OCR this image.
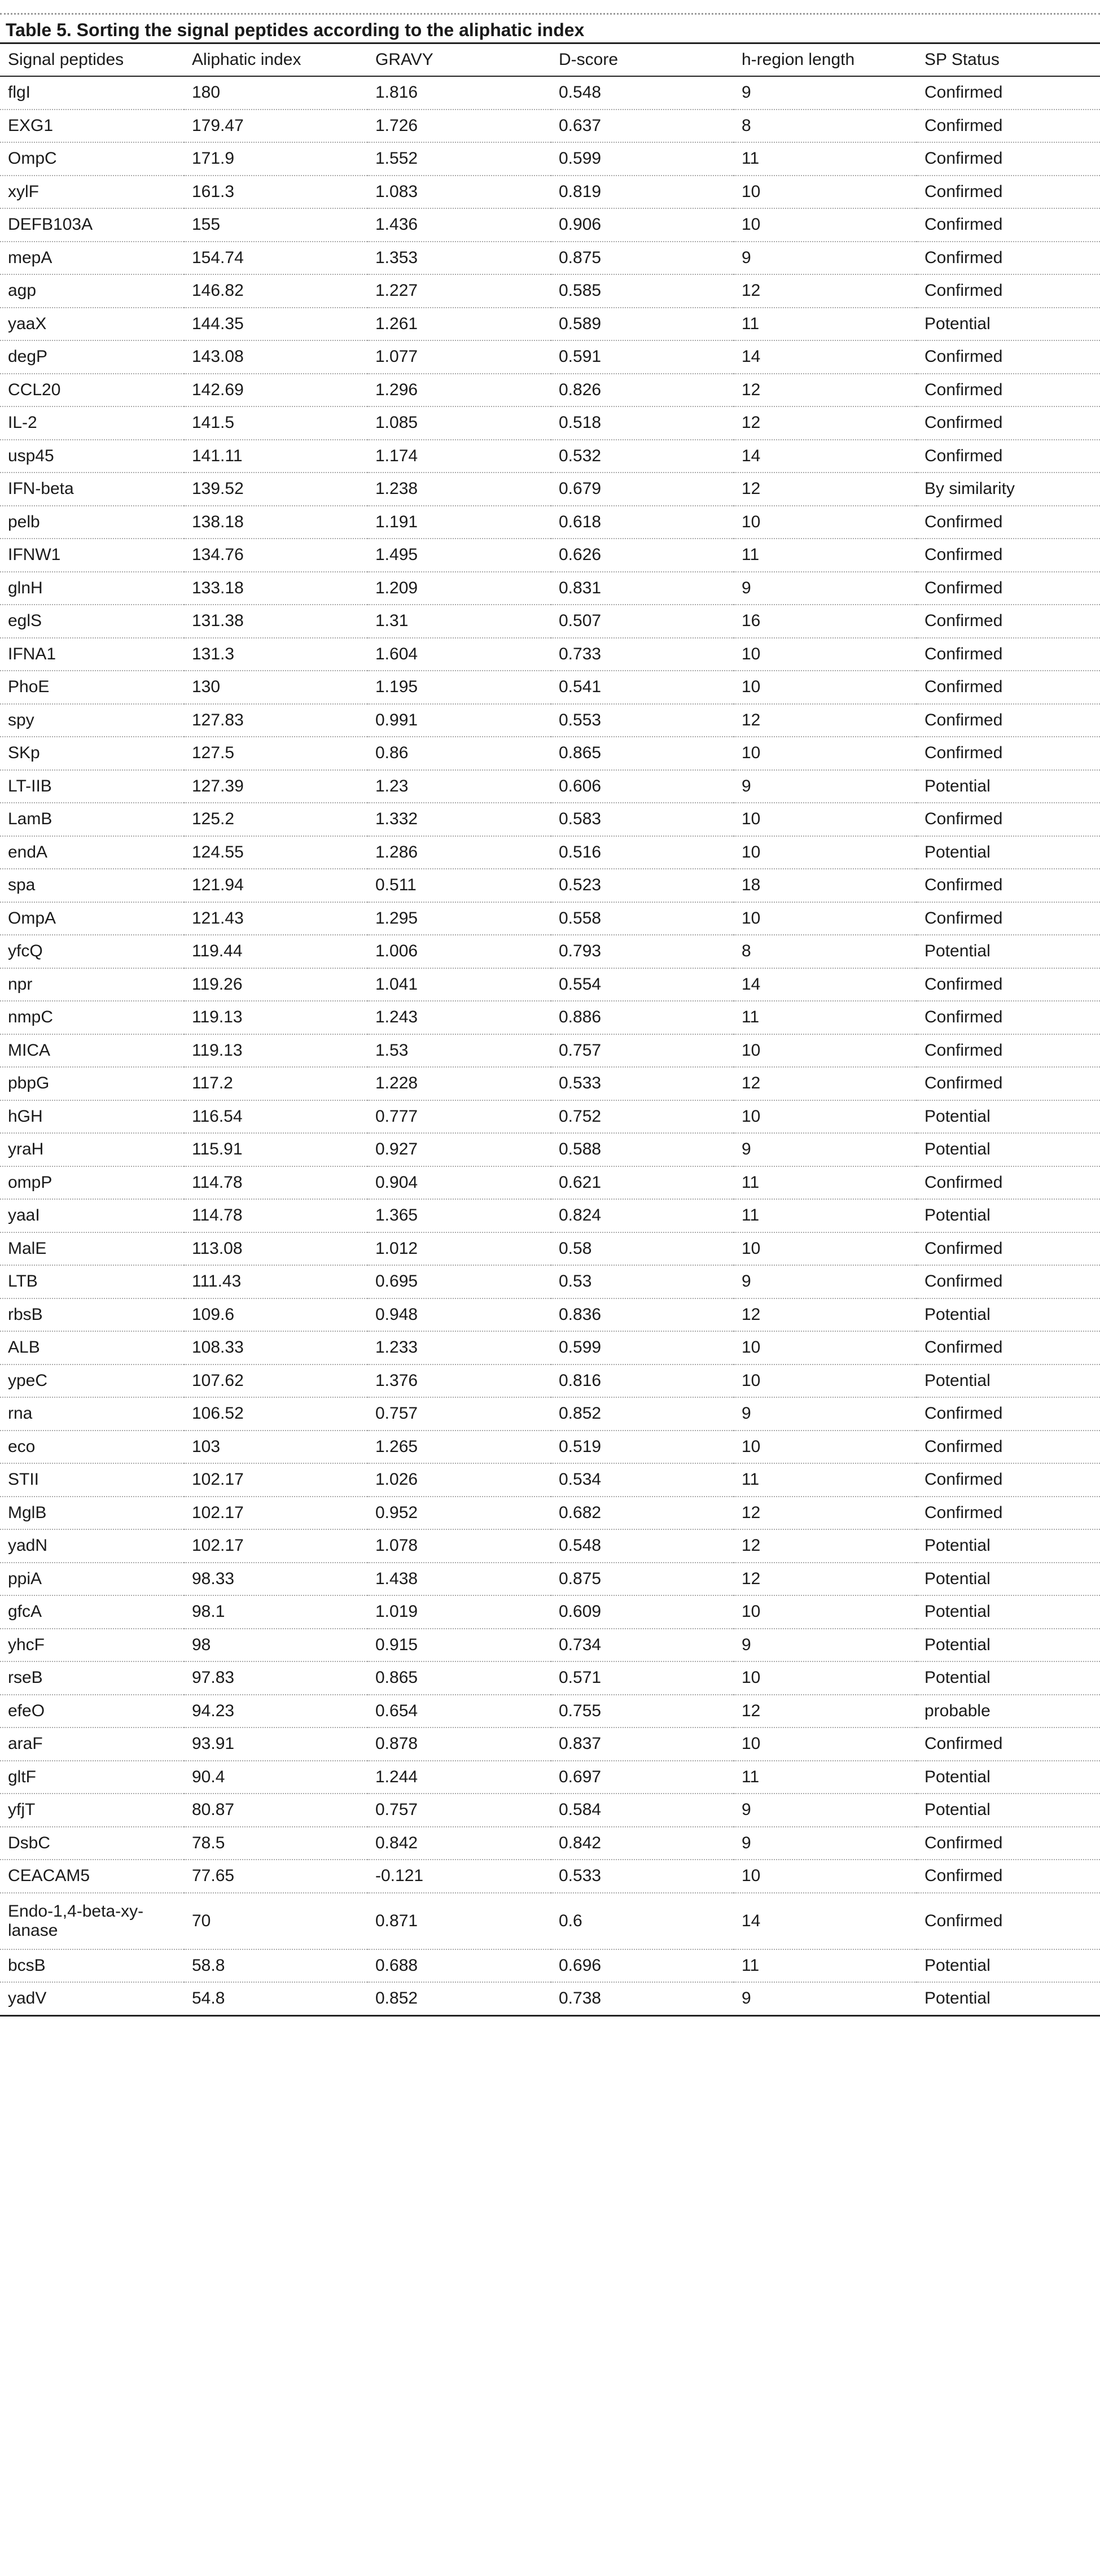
Table 5. Sorting the signal peptides according to the aliphatic index
Signal peptides	Aliphatic index	GRAVY	D-score	h-region length	SP Status
flgI	180	1.816	0.548	9	Confirmed
EXG1	179.47	1.726	0.637	8	Confirmed
OmpC	171.9	1.552	0.599	11	Confirmed
xylF	161.3	1.083	0.819	10	Confirmed
DEFB103A	155	1.436	0.906	10	Confirmed
mepA	154.74	1.353	0.875	9	Confirmed
agp	146.82	1.227	0.585	12	Confirmed
yaaX	144.35	1.261	0.589	11	Potential
degP	143.08	1.077	0.591	14	Confirmed
CCL20	142.69	1.296	0.826	12	Confirmed
IL-2	141.5	1.085	0.518	12	Confirmed
usp45	141.11	1.174	0.532	14	Confirmed
IFN-beta	139.52	1.238	0.679	12	By similarity
pelb	138.18	1.191	0.618	10	Confirmed
IFNW1	134.76	1.495	0.626	11	Confirmed
glnH	133.18	1.209	0.831	9	Confirmed
eglS	131.38	1.31	0.507	16	Confirmed
IFNA1	131.3	1.604	0.733	10	Confirmed
PhoE	130	1.195	0.541	10	Confirmed
spy	127.83	0.991	0.553	12	Confirmed
SKp	127.5	0.86	0.865	10	Confirmed
LT-IIB	127.39	1.23	0.606	9	Potential
LamB	125.2	1.332	0.583	10	Confirmed
endA	124.55	1.286	0.516	10	Potential
spa	121.94	0.511	0.523	18	Confirmed
OmpA	121.43	1.295	0.558	10	Confirmed
yfcQ	119.44	1.006	0.793	8	Potential
npr	119.26	1.041	0.554	14	Confirmed
nmpC	119.13	1.243	0.886	11	Confirmed
MICA	119.13	1.53	0.757	10	Confirmed
pbpG	117.2	1.228	0.533	12	Confirmed
hGH	116.54	0.777	0.752	10	Potential
yraH	115.91	0.927	0.588	9	Potential
ompP	114.78	0.904	0.621	11	Confirmed
yaaI	114.78	1.365	0.824	11	Potential
MalE	113.08	1.012	0.58	10	Confirmed
LTB	111.43	0.695	0.53	9	Confirmed
rbsB	109.6	0.948	0.836	12	Potential
ALB	108.33	1.233	0.599	10	Confirmed
ypeC	107.62	1.376	0.816	10	Potential
rna	106.52	0.757	0.852	9	Confirmed
eco	103	1.265	0.519	10	Confirmed
STII	102.17	1.026	0.534	11	Confirmed
MglB	102.17	0.952	0.682	12	Confirmed
yadN	102.17	1.078	0.548	12	Potential
ppiA	98.33	1.438	0.875	12	Potential
gfcA	98.1	1.019	0.609	10	Potential
yhcF	98	0.915	0.734	9	Potential
rseB	97.83	0.865	0.571	10	Potential
efeO	94.23	0.654	0.755	12	probable
araF	93.91	0.878	0.837	10	Confirmed
gltF	90.4	1.244	0.697	11	Potential
yfjT	80.87	0.757	0.584	9	Potential
DsbC	78.5	0.842	0.842	9	Confirmed
CEACAM5	77.65	-0.121	0.533	10	Confirmed
Endo-1,4-beta-xy-lanase	70	0.871	0.6	14	Confirmed
bcsB	58.8	0.688	0.696	11	Potential
yadV	54.8	0.852	0.738	9	Potential
